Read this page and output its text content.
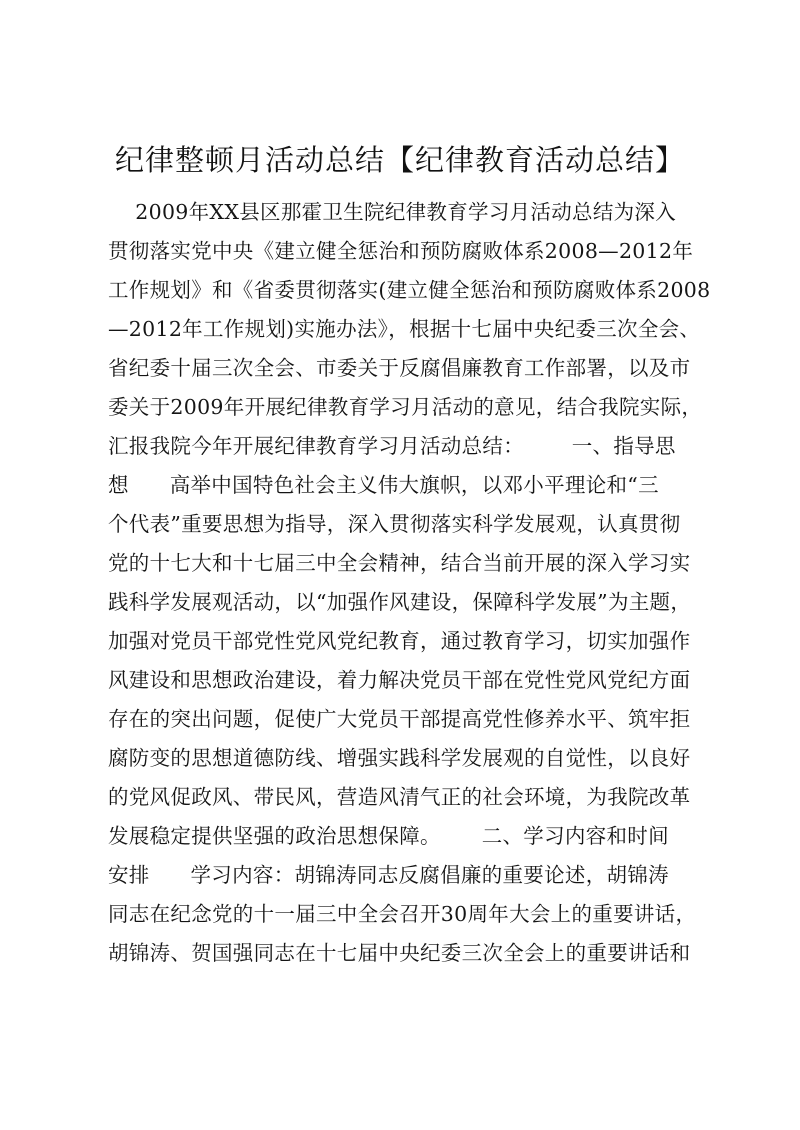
纪律整顿月活动总结【纪律教育活动总结】
2009年XX县区那霍卫生院纪律教育学习月活动总结为深入
贯彻落实党中央《建立健全惩治和预防腐败体系2008—2012年
工作规划》和《省委贯彻落实(建立健全惩治和预防腐败体系2008
—2012年工作规划)实施办法》，根据十七届中央纪委三次全会、
省纪委十届三次全会、市委关于反腐倡廉教育工作部署，以及市
委关于2009年开展纪律教育学习月活动的意见，结合我院实际，
汇报我院今年开展纪律教育学习月活动总结：       一、指导思
想      高举中国特色社会主义伟大旗帜，以邓小平理论和“三
个代表”重要思想为指导，深入贯彻落实科学发展观，认真贯彻
党的十七大和十七届三中全会精神，结合当前开展的深入学习实
践科学发展观活动，以“加强作风建设，保障科学发展”为主题，
加强对党员干部党性党风党纪教育，通过教育学习，切实加强作
风建设和思想政治建设，着力解决党员干部在党性党风党纪方面
存在的突出问题，促使广大党员干部提高党性修养水平、筑牢拒
腐防变的思想道德防线、增强实践科学发展观的自觉性，以良好
的党风促政风、带民风，营造风清气正的社会环境，为我院改革
发展稳定提供坚强的政治思想保障。      二、学习内容和时间
安排      学习内容：胡锦涛同志反腐倡廉的重要论述，胡锦涛
同志在纪念党的十一届三中全会召开30周年大会上的重要讲话，
胡锦涛、贺国强同志在十七届中央纪委三次全会上的重要讲话和
